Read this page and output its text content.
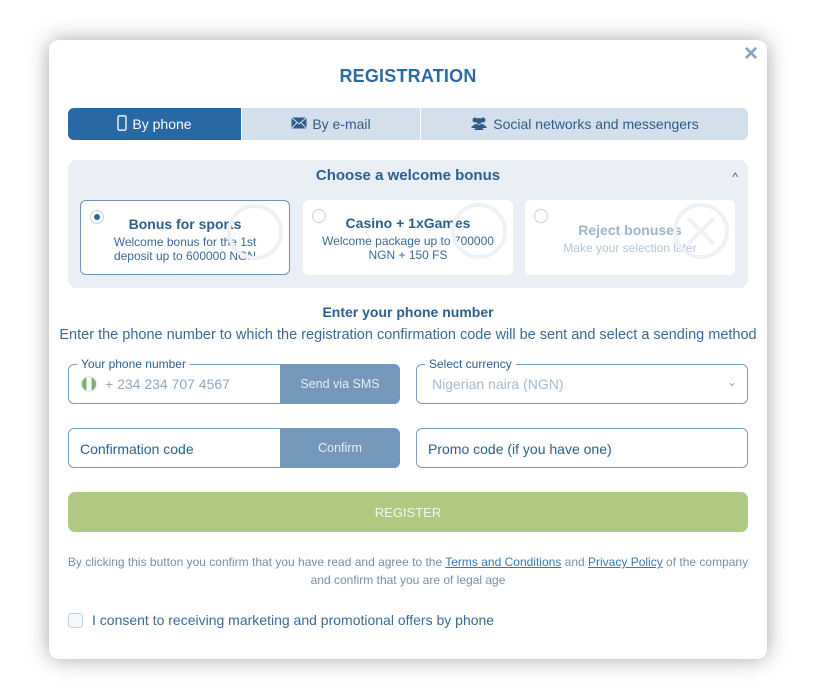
×
REGISTRATION
By phone	By e-mail	Social networks and messengers
Choose a welcome bonus	^
Bonus for sports
Welcome bonus for the 1st deposit up to 600000 NGN
Casino + 1xGames
Welcome package up to 700000 NGN + 150 FS
Reject bonuses
Make your selection later
Enter your phone number
Enter the phone number to which the registration confirmation code will be sent and select a sending method
Your phone number
+ 234 234 707 4567	Send via SMS
Select currency
Nigerian naira (NGN)	⌄
Confirmation code	Confirm	Promo code (if you have one)
REGISTER
By clicking this button you confirm that you have read and agree to the Terms and Conditions and Privacy Policy of the company and confirm that you are of legal age
I consent to receiving marketing and promotional offers by phone
